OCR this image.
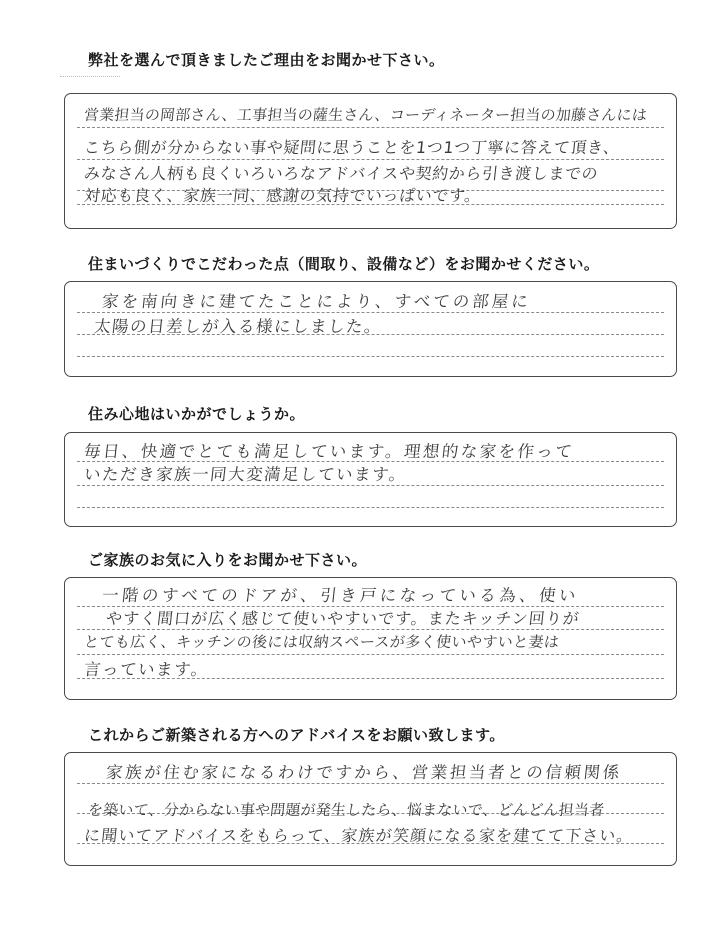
弊社を選んで頂きましたご理由をお聞かせ下さい。
営業担当の岡部さん、工事担当の薩生さん、コーディネーター担当の加藤さんには
こちら側が分からない事や疑問に思うことを1つ1つ丁寧に答えて頂き、
みなさん人柄も良くいろいろなアドバイスや契約から引き渡しまでの
対応も良く、家族一同、感謝の気持でいっぱいです。
住まいづくりでこだわった点（間取り、設備など）をお聞かせください。
家を南向きに建てたことにより、すべての部屋に
太陽の日差しが入る様にしました。
住み心地はいかがでしょうか。
毎日、快適でとても満足しています。理想的な家を作って
いただき家族一同大変満足しています。
ご家族のお気に入りをお聞かせ下さい。
一階のすべてのドアが、引き戸になっている為、使い
やすく間口が広く感じて使いやすいです。またキッチン回りが
とても広く、キッチンの後には収納スペースが多く使いやすいと妻は
言っています。
これからご新築される方へのアドバイスをお願い致します。
家族が住む家になるわけですから、営業担当者との信頼関係
を築いて、分からない事や問題が発生したら、悩まないで、どんどん担当者
に聞いてアドバイスをもらって、家族が笑顔になる家を建てて下さい。
